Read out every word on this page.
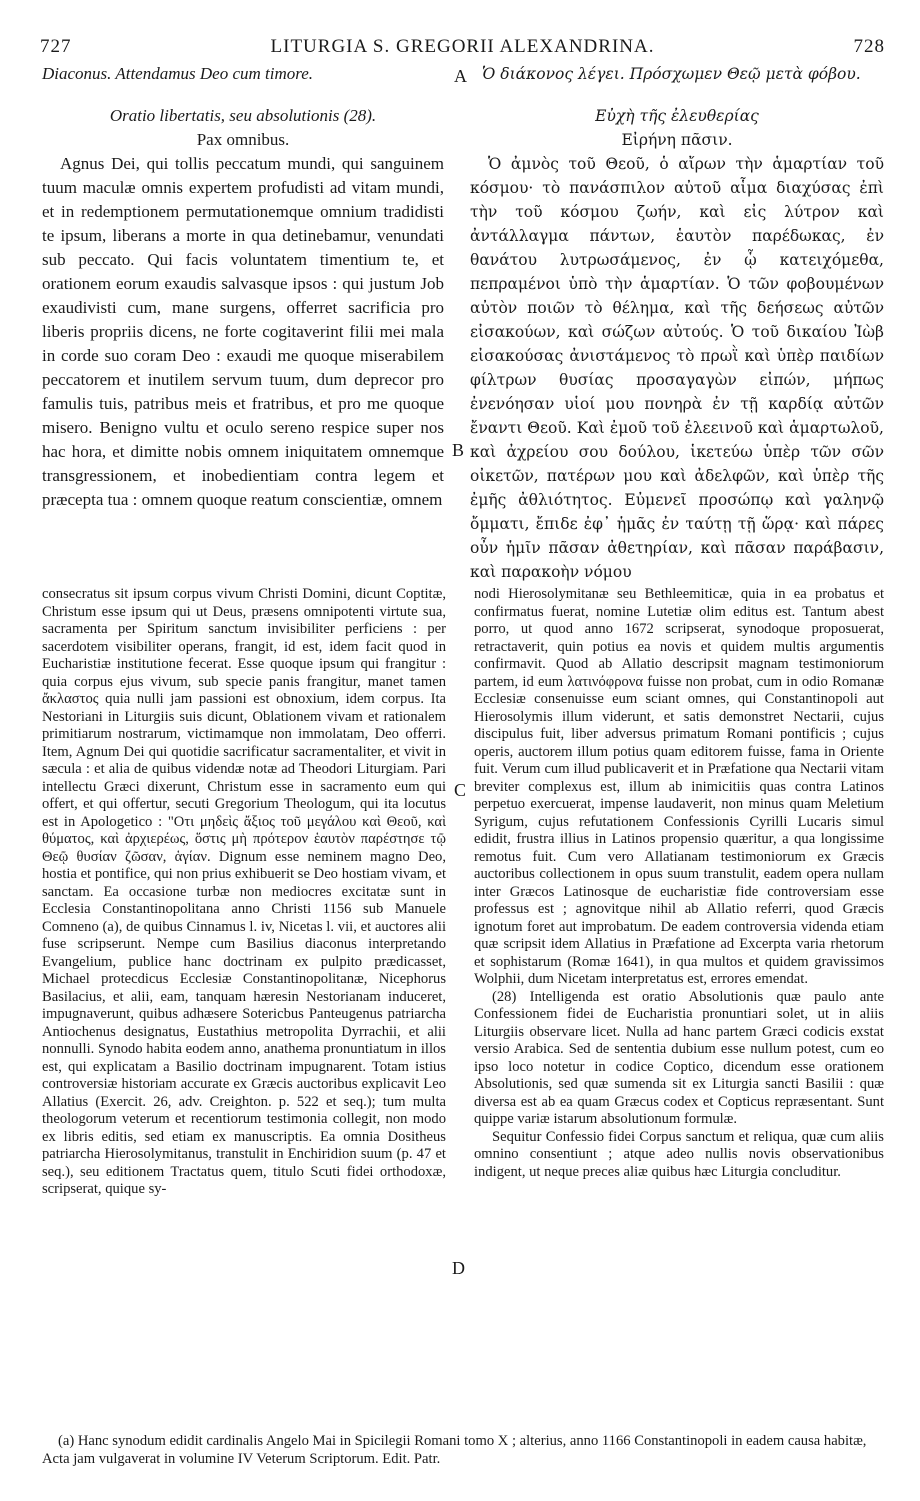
727	LITURGIA S. GREGORII ALEXANDRINA.	728

Diaconus. Attendamus Deo cum timore.

Oratio libertatis, seu absolutionis (28).

Pax omnibus.

Agnus Dei, qui tollis peccatum mundi, qui sanguinem tuum maculæ omnis expertem profudisti ad vitam mundi, et in redemptionem permutationemque omnium tradidisti te ipsum, liberans a morte in qua detinebamur, venundati sub peccato. Qui facis voluntatem timentium te, et orationem eorum exaudis salvasque ipsos : qui justum Job exaudivisti cum, mane surgens, offerret sacrificia pro liberis propriis dicens, ne forte cogitaverint filii mei mala in corde suo coram Deo : exaudi me quoque miserabilem peccatorem et inutilem servum tuum, dum deprecor pro famulis tuis, patribus meis et fratribus, et pro me quoque misero. Benigno vultu et oculo sereno respice super nos hac hora, et dimitte nobis omnem iniquitatem omnemque transgressionem, et inobedientiam contra legem et præcepta tua : omnem quoque reatum conscientiæ, omnem

Ὁ διάκονος λέγει. Πρόσχωμεν Θεῷ μετὰ φόβου.

Εὐχὴ τῆς ἐλευθερίας

Εἰρήνη πᾶσιν.

Ὁ ἀμνὸς τοῦ Θεοῦ, ὁ αἴρων τὴν ἁμαρτίαν τοῦ κόσμου· τὸ πανάσπιλον αὐτοῦ αἷμα διαχύσας ἐπὶ τὴν τοῦ κόσμου ζωήν, καὶ εἰς λύτρον καὶ ἀντάλλαγμα πάντων, ἑαυτὸν παρέδωκας, ἐν θανάτου λυτρωσάμενος, ἐν ᾧ κατειχόμεθα, πεπραμένοι ὑπὸ τὴν ἁμαρτίαν. Ὁ τῶν φοβουμένων αὐτὸν ποιῶν τὸ θέλημα, καὶ τῆς δεήσεως αὐτῶν εἰσακούων, καὶ σώζων αὐτούς. Ὁ τοῦ δικαίου Ἰὼβ εἰσακούσας ἀνιστάμενος τὸ πρωῒ καὶ ὑπὲρ παιδίων φίλτρων θυσίας προσαγαγὼν εἰπών, μήπως ἐνενόησαν υἱοί μου πονηρὰ ἐν τῇ καρδίᾳ αὐτῶν ἔναντι Θεοῦ. Καὶ ἐμοῦ τοῦ ἐλεεινοῦ καὶ ἁμαρτωλοῦ, καὶ ἀχρείου σου δούλου, ἱκετεύω ὑπὲρ τῶν σῶν οἰκετῶν, πατέρων μου καὶ ἀδελφῶν, καὶ ὑπὲρ τῆς ἐμῆς ἀθλιότητος. Εὐμενεῖ προσώπῳ καὶ γαληνῷ ὄμματι, ἔπιδε ἐφ᾽ ἡμᾶς ἐν ταύτῃ τῇ ὥρᾳ· καὶ πάρες οὖν ἡμῖν πᾶσαν ἀθετηρίαν, καὶ πᾶσαν παράβασιν, καὶ παρακοὴν νόμου

A
B
C
D

consecratus sit ipsum corpus vivum Christi Domini, dicunt Coptitæ, Christum esse ipsum qui ut Deus, præsens omnipotenti virtute sua, sacramenta per Spiritum sanctum invisibiliter perficiens : per sacerdotem visibiliter operans, frangit, id est, idem facit quod in Eucharistiæ institutione fecerat. Esse quoque ipsum qui frangitur : quia corpus ejus vivum, sub specie panis frangitur, manet tamen ἄκλαστος quia nulli jam passioni est obnoxium, idem corpus. Ita Nestoriani in Liturgiis suis dicunt, Oblationem vivam et rationalem primitiarum nostrarum, victimamque non immolatam, Deo offerri. Item, Agnum Dei qui quotidie sacrificatur sacramentaliter, et vivit in sæcula : et alia de quibus videndæ notæ ad Theodori Liturgiam. Pari intellectu Græci dixerunt, Christum esse in sacramento eum qui offert, et qui offertur, secuti Gregorium Theologum, qui ita locutus est in Apologetico : "Οτι μηδεὶς ἄξιος τοῦ μεγάλου καὶ Θεοῦ, καὶ θύματος, καὶ ἀρχιερέως, ὅστις μὴ πρότερον ἑαυτὸν παρέστησε τῷ Θεῷ θυσίαν ζῶσαν, ἁγίαν. Dignum esse neminem magno Deo, hostia et pontifice, qui non prius exhibuerit se Deo hostiam vivam, et sanctam. Ea occasione turbæ non mediocres excitatæ sunt in Ecclesia Constantinopolitana anno Christi 1156 sub Manuele Comneno (a), de quibus Cinnamus l. iv, Nicetas l. vii, et auctores alii fuse scripserunt. Nempe cum Basilius diaconus interpretando Evangelium, publice hanc doctrinam ex pulpito prædicasset, Michael protecdicus Ecclesiæ Constantinopolitanæ, Nicephorus Basilacius, et alii, eam, tanquam hæresin Nestorianam induceret, impugnaverunt, quibus adhæsere Sotericbus Panteugenus patriarcha Antiochenus designatus, Eustathius metropolita Dyrrachii, et alii nonnulli. Synodo habita eodem anno, anathema pronuntiatum in illos est, qui explicatam a Basilio doctrinam impugnarent. Totam istius controversiæ historiam accurate ex Græcis auctoribus explicavit Leo Allatius (Exercit. 26, adv. Creighton. p. 522 et seq.); tum multa theologorum veterum et recentiorum testimonia collegit, non modo ex libris editis, sed etiam ex manuscriptis. Ea omnia Dositheus patriarcha Hierosolymitanus, transtulit in Enchiridion suum (p. 47 et seq.), seu editionem Tractatus quem, titulo Scuti fidei orthodoxæ, scripserat, quique sy-

nodi Hierosolymitanæ seu Bethleemiticæ, quia in ea probatus et confirmatus fuerat, nomine Lutetiæ olim editus est. Tantum abest porro, ut quod anno 1672 scripserat, synodoque proposuerat, retractaverit, quin potius ea novis et quidem multis argumentis confirmavit. Quod ab Allatio descripsit magnam testimoniorum partem, id eum λατινόφρονα fuisse non probat, cum in odio Romanæ Ecclesiæ consenuisse eum sciant omnes, qui Constantinopoli aut Hierosolymis illum viderunt, et satis demonstret Nectarii, cujus discipulus fuit, liber adversus primatum Romani pontificis ; cujus operis, auctorem illum potius quam editorem fuisse, fama in Oriente fuit. Verum cum illud publicaverit et in Præfatione qua Nectarii vitam breviter complexus est, illum ab inimicitiis quas contra Latinos perpetuo exercuerat, impense laudaverit, non minus quam Meletium Syrigum, cujus refutationem Confessionis Cyrilli Lucaris simul edidit, frustra illius in Latinos propensio quæritur, a qua longissime remotus fuit. Cum vero Allatianam testimoniorum ex Græcis auctoribus collectionem in opus suum transtulit, eadem opera nullam inter Græcos Latinosque de eucharistiæ fide controversiam esse professus est ; agnovitque nihil ab Allatio referri, quod Græcis ignotum foret aut improbatum. De eadem controversia videnda etiam quæ scripsit idem Allatius in Præfatione ad Excerpta varia rhetorum et sophistarum (Romæ 1641), in qua multos et quidem gravissimos Wolphii, dum Nicetam interpretatus est, errores emendat.

(28) Intelligenda est oratio Absolutionis quæ paulo ante Confessionem fidei de Eucharistia pronuntiari solet, ut in aliis Liturgiis observare licet. Nulla ad hanc partem Græci codicis exstat versio Arabica. Sed de sententia dubium esse nullum potest, cum eo ipso loco notetur in codice Coptico, dicendum esse orationem Absolutionis, sed quæ sumenda sit ex Liturgia sancti Basilii : quæ diversa est ab ea quam Græcus codex et Copticus repræsentant. Sunt quippe variæ istarum absolutionum formulæ.

Sequitur Confessio fidei Corpus sanctum et reliqua, quæ cum aliis omnino consentiunt ; atque adeo nullis novis observationibus indigent, ut neque preces aliæ quibus hæc Liturgia concluditur.

(a) Hanc synodum edidit cardinalis Angelo Mai in Spicilegii Romani tomo X ; alterius, anno 1166 Constantinopoli in eadem causa habitæ, Acta jam vulgaverat in volumine IV Veterum Scriptorum. Edit. Patr.
